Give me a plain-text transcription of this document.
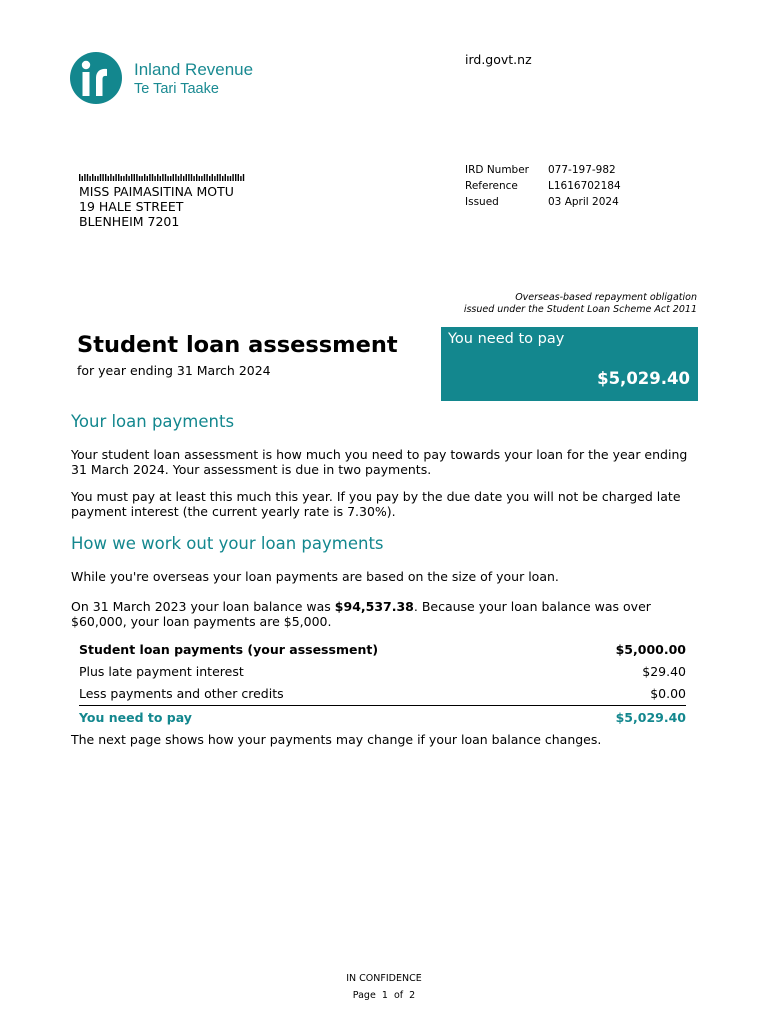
Inland Revenue
Te Tari Taake
ird.govt.nz
MISS PAIMASITINA MOTU
19 HALE STREET
BLENHEIM 7201
IRD Number	077-197-982
Reference	L1616702184
Issued	03 April 2024
Overseas-based repayment obligation
issued under the Student Loan Scheme Act 2011
Student loan assessment
for year ending 31 March 2024
You need to pay
$5,029.40
Your loan payments
Your student loan assessment is how much you need to pay towards your loan for the year ending 31 March 2024. Your assessment is due in two payments.
You must pay at least this much this year. If you pay by the due date you will not be charged late payment interest (the current yearly rate is 7.30%).
How we work out your loan payments
While you're overseas your loan payments are based on the size of your loan.
On 31 March 2023 your loan balance was $94,537.38. Because your loan balance was over $60,000, your loan payments are $5,000.
Student loan payments (your assessment)	$5,000.00
Plus late payment interest	$29.40
Less payments and other credits	$0.00
You need to pay	$5,029.40
The next page shows how your payments may change if your loan balance changes.
IN CONFIDENCE
Page 1 of 2
